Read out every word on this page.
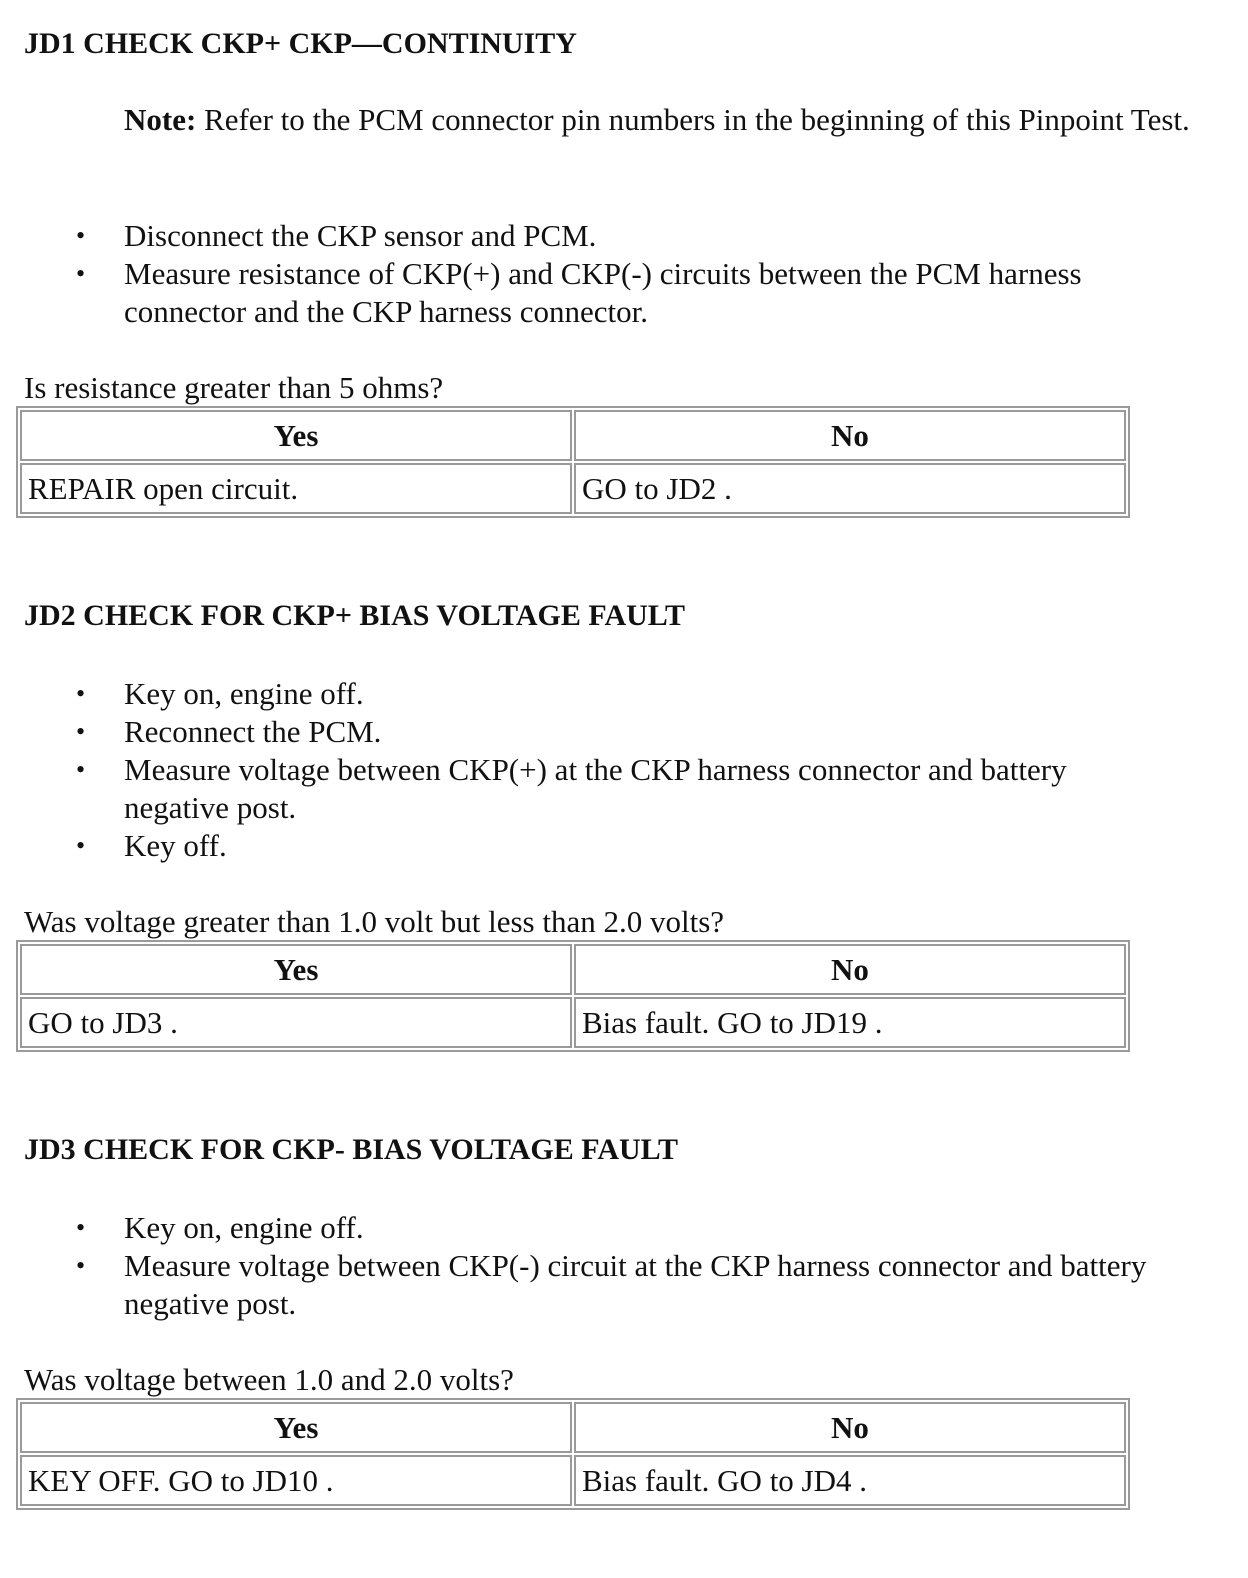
JD1 CHECK CKP+ CKP—CONTINUITY

Note: Refer to the PCM connector pin numbers in the beginning of this Pinpoint Test.

• Disconnect the CKP sensor and PCM.
• Measure resistance of CKP(+) and CKP(-) circuits between the PCM harness connector and the CKP harness connector.

Is resistance greater than 5 ohms?

Yes	No
REPAIR open circuit.	GO to JD2 .
JD2 CHECK FOR CKP+ BIAS VOLTAGE FAULT
• Key on, engine off.
• Reconnect the PCM.
• Measure voltage between CKP(+) at the CKP harness connector and battery negative post.
• Key off.

Was voltage greater than 1.0 volt but less than 2.0 volts?

Yes	No
GO to JD3 .	Bias fault. GO to JD19 .
JD3 CHECK FOR CKP- BIAS VOLTAGE FAULT
• Key on, engine off.
• Measure voltage between CKP(-) circuit at the CKP harness connector and battery negative post.

Was voltage between 1.0 and 2.0 volts?

Yes	No
KEY OFF. GO to JD10 .	Bias fault. GO to JD4 .
